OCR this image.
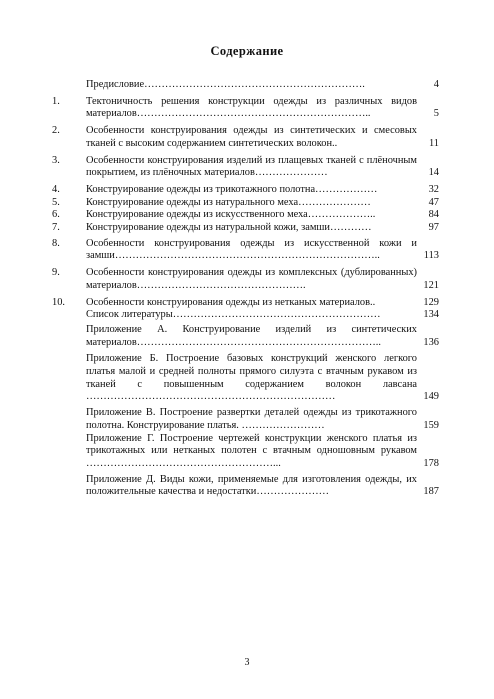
Содержание
Предисловие……………………………………………………….	4
1.	Тектоничность решения конструкции одежды из различных видов материалов…………………………………………………………..	5
2.	Особенности конструирования одежды из синтетических и смесовых тканей с высоким содержанием синтетических волокон..	11
3.	Особенности конструирования изделий из плащевых тканей с плёночным покрытием, из плёночных материалов…………………	14
4.	Конструирование одежды из трикотажного полотна………………	32
5.	Конструирование одежды из натурального меха…………………	47
6.	Конструирование одежды из искусственного меха………………..	84
7.	Конструирование одежды из натуральной кожи, замши…………	97
8.	Особенности конструирования одежды из искусственной кожи и замши…………………………………………………………………..	113
9.	Особенности конструирования одежды из комплексных (дублированных) материалов………………………………………….	121
10. Особенности конструирования одежды из нетканых материалов..	129
Список литературы……………………………………………………	134
Приложение А. Конструирование изделий из синтетических материалов……………………………………………………………..	136
Приложение Б. Построение базовых конструкций женского легкого платья малой и средней полноты прямого силуэта с втачным рукавом из тканей с повышенным содержанием волокон лавсана ………………………………………………………………	149
Приложение В. Построение развертки деталей одежды из трикотажного полотна. Конструирование платья. ……………………	159
Приложение Г. Построение чертежей конструкции женского платья из трикотажных или нетканых полотен с втачным одношовным рукавом ………………………………………………...	178
Приложение Д. Виды кожи, применяемые для изготовления одежды, их положительные качества и недостатки…………………	187
3
